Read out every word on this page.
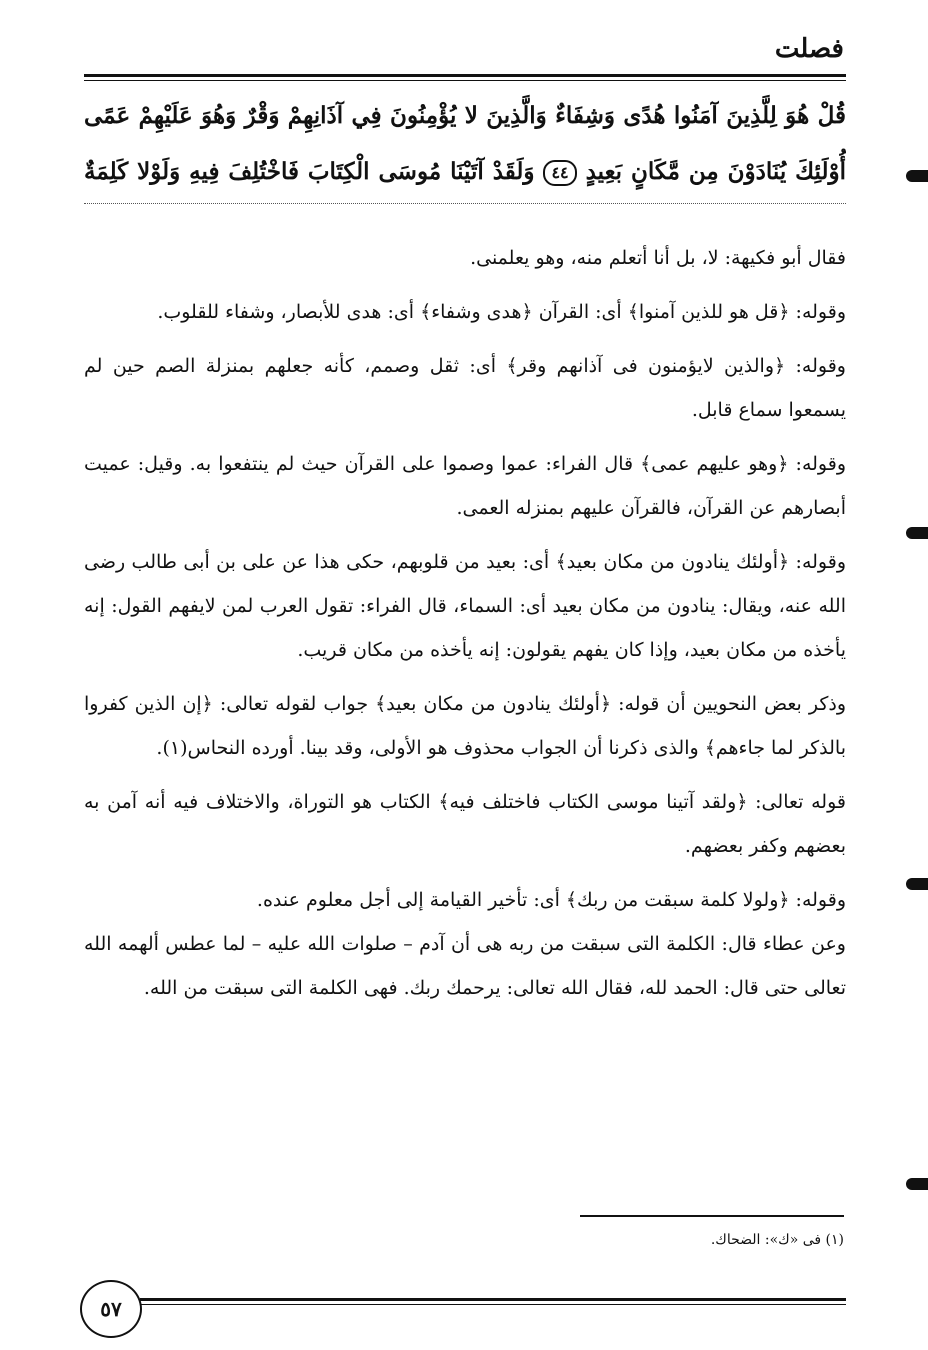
فصلت
قُلْ هُوَ لِلَّذِينَ آمَنُوا هُدًى وَشِفَاءٌ وَالَّذِينَ لا يُؤْمِنُونَ فِي آذَانِهِمْ وَقْرٌ وَهُوَ عَلَيْهِمْ عَمًى
أُوْلَئِكَ يُنَادَوْنَ مِن مَّكَانٍ بَعِيدٍ ٤٤ وَلَقَدْ آتَيْنَا مُوسَى الْكِتَابَ فَاخْتُلِفَ فِيهِ وَلَوْلا كَلِمَةٌ

فقال أبو فكيهة: لا، بل أنا أتعلم منه، وهو يعلمنى.

وقوله: ﴿قل هو للذين آمنوا﴾ أى: القرآن ﴿هدى وشفاء﴾ أى: هدى للأبصار، وشفاء للقلوب.

وقوله: ﴿والذين لايؤمنون فى آذانهم وقر﴾ أى: ثقل وصمم، كأنه جعلهم بمنزلة الصم حين لم يسمعوا سماع قابل.

وقوله: ﴿وهو عليهم عمى﴾ قال الفراء: عموا وصموا على القرآن حيث لم ينتفعوا به. وقيل: عميت أبصارهم عن القرآن، فالقرآن عليهم بمنزله العمى.

وقوله: ﴿أولئك ينادون من مكان بعيد﴾ أى: بعيد من قلوبهم، حكى هذا عن على بن أبى طالب رضى الله عنه، ويقال: ينادون من مكان بعيد أى: السماء، قال الفراء: تقول العرب لمن لايفهم القول: إنه يأخذه من مكان بعيد، وإذا كان يفهم يقولون: إنه يأخذه من مكان قريب.

وذكر بعض النحويين أن قوله: ﴿أولئك ينادون من مكان بعيد﴾ جواب لقوله تعالى: ﴿إن الذين كفروا بالذكر لما جاءهم﴾ والذى ذكرنا أن الجواب محذوف هو الأولى، وقد بينا. أورده النحاس(١).

قوله تعالى: ﴿ولقد آتينا موسى الكتاب فاختلف فيه﴾ الكتاب هو التوراة، والاختلاف فيه أنه آمن به بعضهم وكفر بعضهم.

وقوله: ﴿ولولا كلمة سبقت من ربك﴾ أى: تأخير القيامة إلى أجل معلوم عنده.

وعن عطاء قال: الكلمة التى سبقت من ربه هى أن آدم – صلوات الله عليه – لما عطس ألهمه الله تعالى حتى قال: الحمد لله، فقال الله تعالى: يرحمك ربك. فهى الكلمة التى سبقت من الله.

(١) فى «ك»: الضحاك.
٥٧
